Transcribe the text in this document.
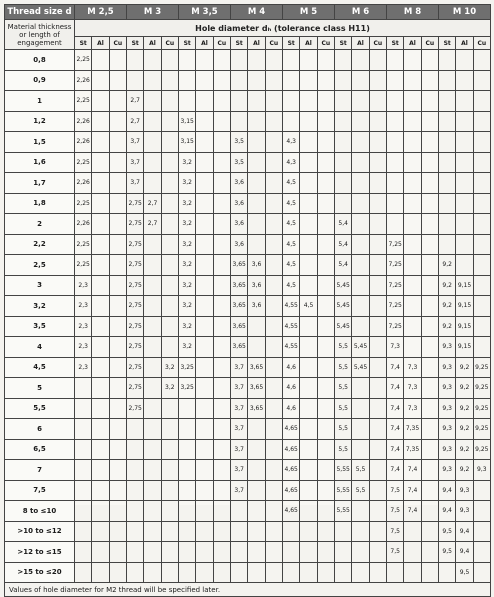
Thread size d	M 2,5			M 3			M 3,5			M 4			M 5			M 6			M 8			M 10		
Material thickness or length of engagement	Hole diameter dₕ (tolerance class H11)																							
	St	Al	Cu	St	Al	Cu	St	Al	Cu	St	Al	Cu	St	Al	Cu	St	Al	Cu	St	Al	Cu	St	Al	Cu
0,8	2,25																							
0,9	2,26																							
1	2,25			2,7																				
1,2	2,26			2,7			3,15																	
1,5	2,26			3,7			3,15			3,5			4,3											
1,6	2,25			3,7			3,2			3,5			4,3											
1,7	2,26			3,7			3,2			3,6			4,5											
1,8	2,25			2,75	2,7		3,2			3,6			4,5											
2	2,26			2,75	2,7		3,2			3,6			4,5			5,4								
2,2	2,25			2,75			3,2			3,6			4,5			5,4			7,25					
2,5	2,25			2,75			3,2			3,65	3,6		4,5			5,4			7,25			9,2		
3	2,3			2,75			3,2			3,65	3,6		4,5			5,45			7,25			9,2	9,15	
3,2	2,3			2,75			3,2			3,65	3,6		4,55	4,5		5,45			7,25			9,2	9,15	
3,5	2,3			2,75			3,2			3,65			4,55			5,45			7,25			9,2	9,15	
4	2,3			2,75			3,2			3,65			4,55			5,5	5,45		7,3			9,3	9,15	
4,5	2,3			2,75		3,2	3,25			3,7	3,65		4,6			5,5	5,45		7,4	7,3		9,3	9,2	9,25
5				2,75		3,2	3,25			3,7	3,65		4,6			5,5			7,4	7,3		9,3	9,2	9,25
5,5				2,75						3,7	3,65		4,6			5,5			7,4	7,3		9,3	9,2	9,25
6										3,7			4,65			5,5			7,4	7,35		9,3	9,2	9,25
6,5										3,7			4,65			5,5			7,4	7,35		9,3	9,2	9,25
7										3,7			4,65			5,55	5,5		7,4	7,4		9,3	9,2	9,3
7,5										3,7			4,65			5,55	5,5		7,5	7,4		9,4	9,3	
8 to ≤10													4,65			5,55			7,5	7,4		9,4	9,3	
>10 to ≤12																			7,5			9,5	9,4	
>12 to ≤15																			7,5			9,5	9,4	
>15 to ≤20																							9,5	
Values of hole diameter for M2 thread will be specified later.																								
